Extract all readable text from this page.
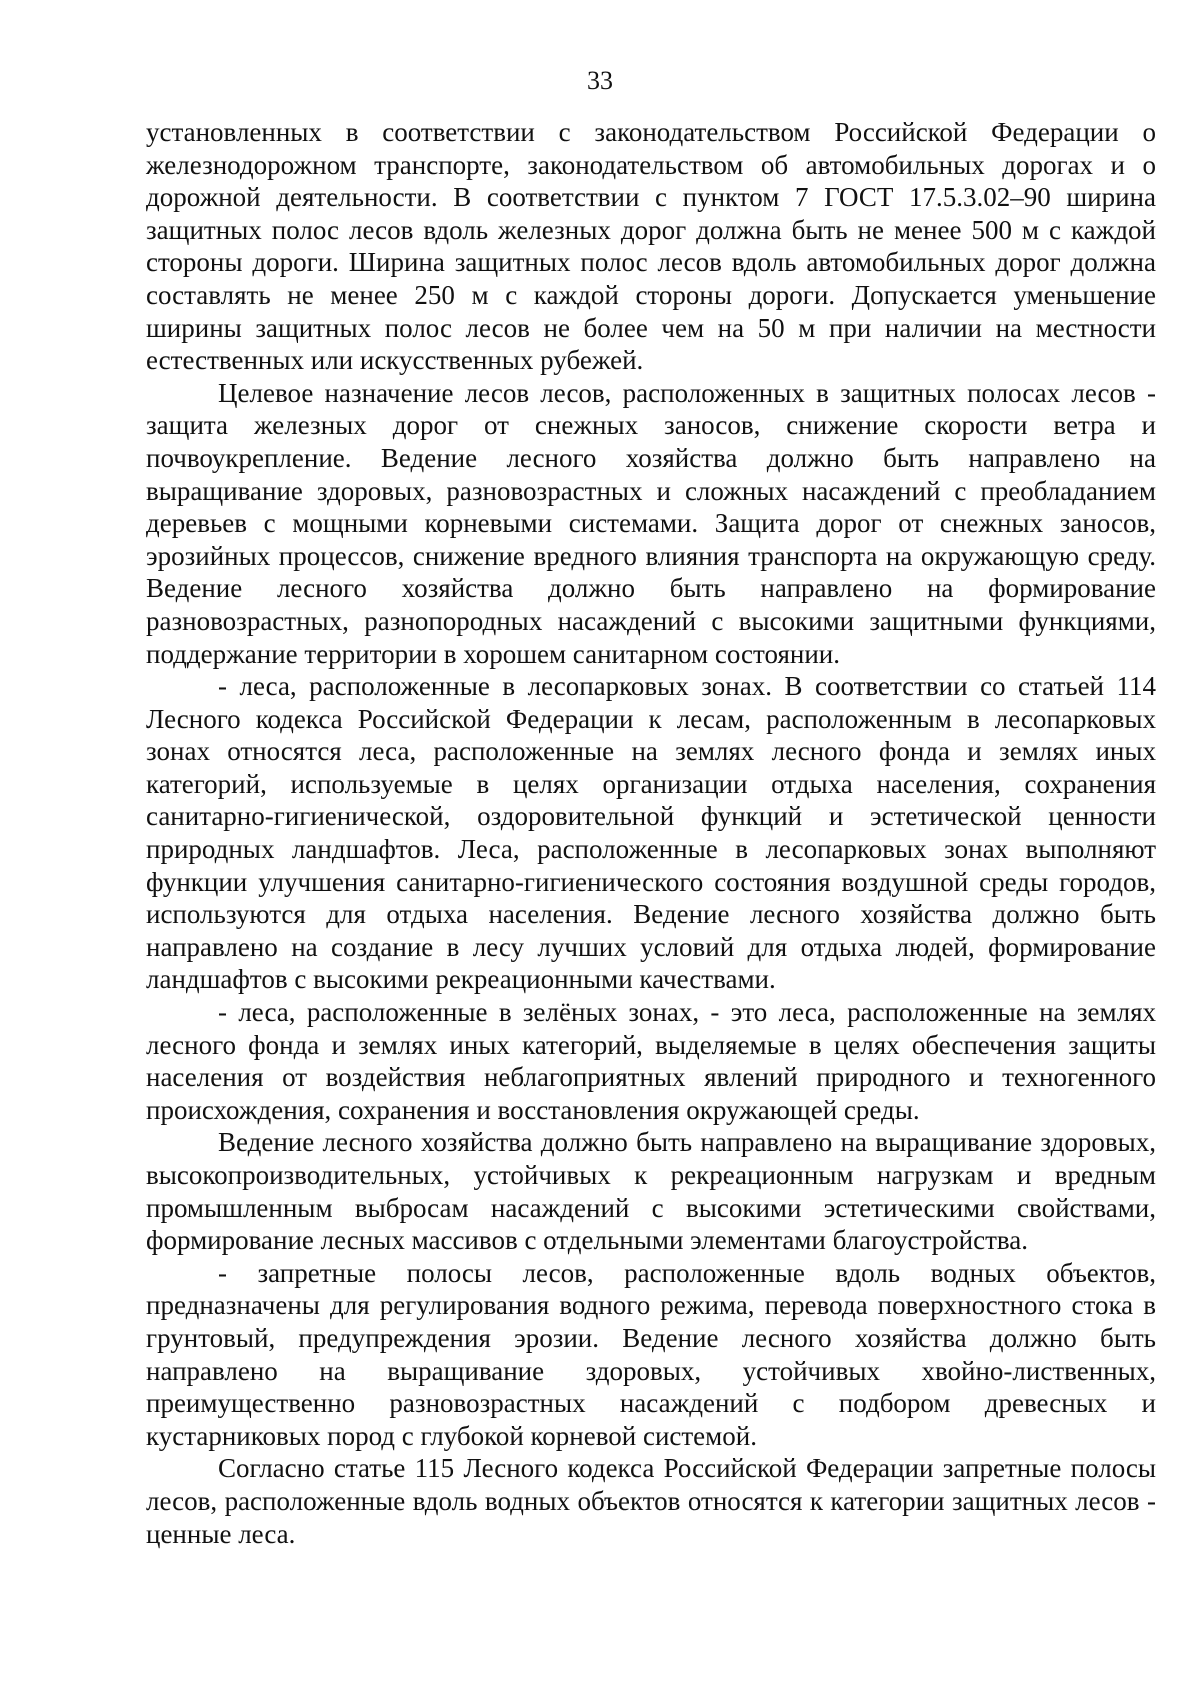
33

установленных в соответствии с законодательством Российской Федерации о железнодорожном транспорте, законодательством об автомобильных дорогах и о дорожной деятельности. В соответствии с пунктом 7 ГОСТ 17.5.3.02–90 ширина защитных полос лесов вдоль железных дорог должна быть не менее 500 м с каждой стороны дороги. Ширина защитных полос лесов вдоль автомобильных дорог должна составлять не менее 250 м с каждой стороны дороги. Допускается уменьшение ширины защитных полос лесов не более чем на 50 м при наличии на местности естественных или искусственных рубежей.

Целевое назначение лесов лесов, расположенных в защитных полосах лесов - защита железных дорог от снежных заносов, снижение скорости ветра и почвоукрепление. Ведение лесного хозяйства должно быть направлено на выращивание здоровых, разновозрастных и сложных насаждений с преобладанием деревьев с мощными корневыми системами. Защита дорог от снежных заносов, эрозийных процессов, снижение вредного влияния транспорта на окружающую среду. Ведение лесного хозяйства должно быть направлено на формирование разновозрастных, разнопородных насаждений с высокими защитными функциями, поддержание территории в хорошем санитарном состоянии.

- леса, расположенные в лесопарковых зонах. В соответствии со статьей 114 Лесного кодекса Российской Федерации к лесам, расположенным в лесопарковых зонах относятся леса, расположенные на землях лесного фонда и землях иных категорий, используемые в целях организации отдыха населения, сохранения санитарно-гигиенической, оздоровительной функций и эстетической ценности природных ландшафтов. Леса, расположенные в лесопарковых зонах выполняют функции улучшения санитарно-гигиенического состояния воздушной среды городов, используются для отдыха населения. Ведение лесного хозяйства должно быть направлено на создание в лесу лучших условий для отдыха людей, формирование ландшафтов с высокими рекреационными качествами.

- леса, расположенные в зелёных зонах, - это леса, расположенные на землях лесного фонда и землях иных категорий, выделяемые в целях обеспечения защиты населения от воздействия неблагоприятных явлений природного и техногенного происхождения, сохранения и восстановления окружающей среды.

Ведение лесного хозяйства должно быть направлено на выращивание здоровых, высокопроизводительных, устойчивых к рекреационным нагрузкам и вредным промышленным выбросам насаждений с высокими эстетическими свойствами, формирование лесных массивов с отдельными элементами благоустройства.

- запретные полосы лесов, расположенные вдоль водных объектов, предназначены для регулирования водного режима, перевода поверхностного стока в грунтовый, предупреждения эрозии. Ведение лесного хозяйства должно быть направлено на выращивание здоровых, устойчивых хвойно-лиственных, преимущественно разновозрастных насаждений с подбором древесных и кустарниковых пород с глубокой корневой системой.

Согласно статье 115 Лесного кодекса Российской Федерации запретные полосы лесов, расположенные вдоль водных объектов относятся к категории защитных лесов - ценные леса.
